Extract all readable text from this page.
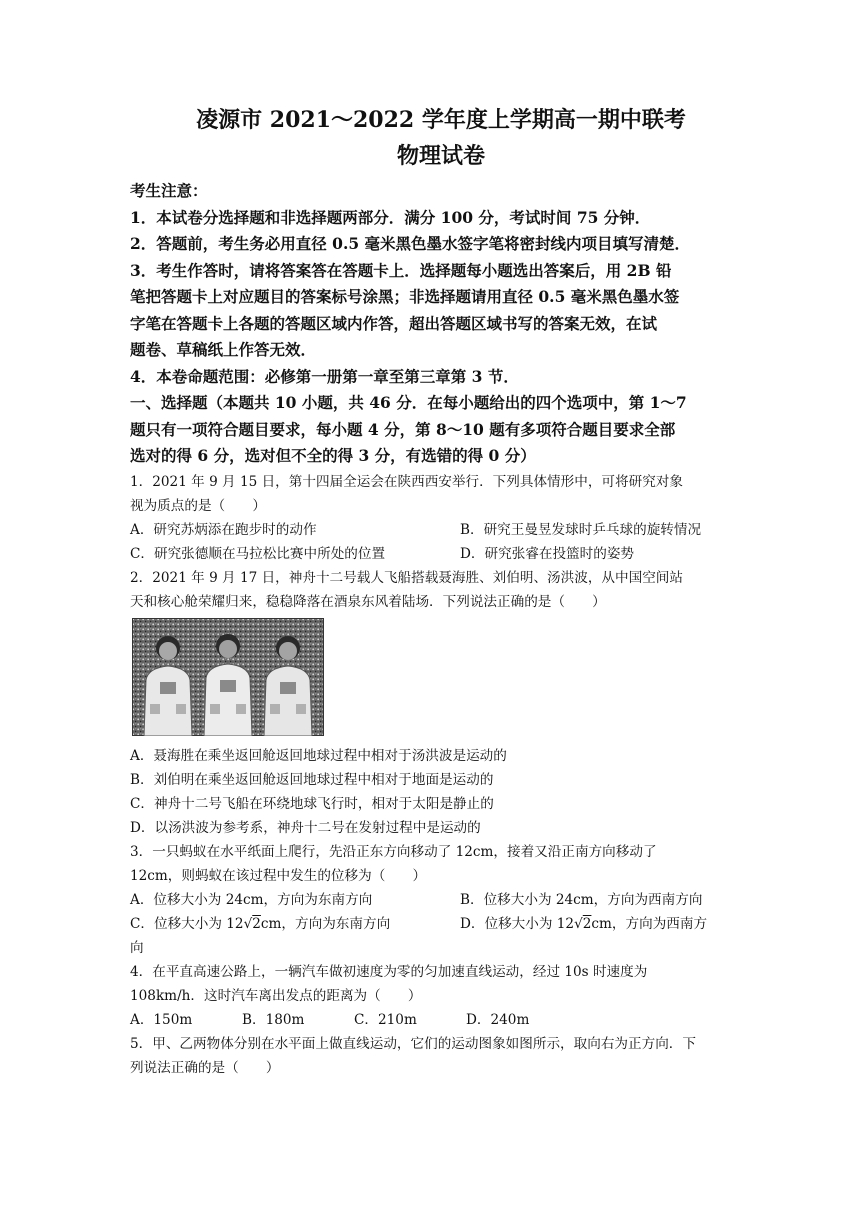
凌源市 2021～2022 学年度上学期高一期中联考
物理试卷
考生注意：
1．本试卷分选择题和非选择题两部分．满分 100 分，考试时间 75 分钟．
2．答题前，考生务必用直径 0.5 毫米黑色墨水签字笔将密封线内项目填写清楚．
3．考生作答时，请将答案答在答题卡上．选择题每小题选出答案后，用 2B 铅
笔把答题卡上对应题目的答案标号涂黑；非选择题请用直径 0.5 毫米黑色墨水签
字笔在答题卡上各题的答题区域内作答，超出答题区域书写的答案无效，在试
题卷、草稿纸上作答无效．
4．本卷命题范围：必修第一册第一章至第三章第 3 节．
一、选择题（本题共 10 小题，共 46 分．在每小题给出的四个选项中，第 1～7
题只有一项符合题目要求，每小题 4 分，第 8～10 题有多项符合题目要求全部
选对的得 6 分，选对但不全的得 3 分，有选错的得 0 分）
1．2021 年 9 月 15 日，第十四届全运会在陕西西安举行．下列具体情形中，可将研究对象
视为质点的是（　　）
A．研究苏炳添在跑步时的动作	B．研究王曼昱发球时乒乓球的旋转情况
C．研究张德顺在马拉松比赛中所处的位置	D．研究张睿在投篮时的姿势
2．2021 年 9 月 17 日，神舟十二号载人飞船搭载聂海胜、刘伯明、汤洪波，从中国空间站
天和核心舱荣耀归来，稳稳降落在酒泉东风着陆场．下列说法正确的是（　　）
A．聂海胜在乘坐返回舱返回地球过程中相对于汤洪波是运动的
B．刘伯明在乘坐返回舱返回地球过程中相对于地面是运动的
C．神舟十二号飞船在环绕地球飞行时，相对于太阳是静止的
D．以汤洪波为参考系，神舟十二号在发射过程中是运动的
3．一只蚂蚁在水平纸面上爬行，先沿正东方向移动了 12cm，接着又沿正南方向移动了
12cm，则蚂蚁在该过程中发生的位移为（　　）
A．位移大小为 24cm，方向为东南方向	B．位移大小为 24cm，方向为西南方向
C．位移大小为 12√2cm，方向为东南方向	D．位移大小为 12√2cm，方向为西南方
向
4．在平直高速公路上，一辆汽车做初速度为零的匀加速直线运动，经过 10s 时速度为
108km/h．这时汽车离出发点的距离为（　　）
A．150m	B．180m	C．210m	D．240m
5．甲、乙两物体分别在水平面上做直线运动，它们的运动图象如图所示，取向右为正方向．下
列说法正确的是（　　）
